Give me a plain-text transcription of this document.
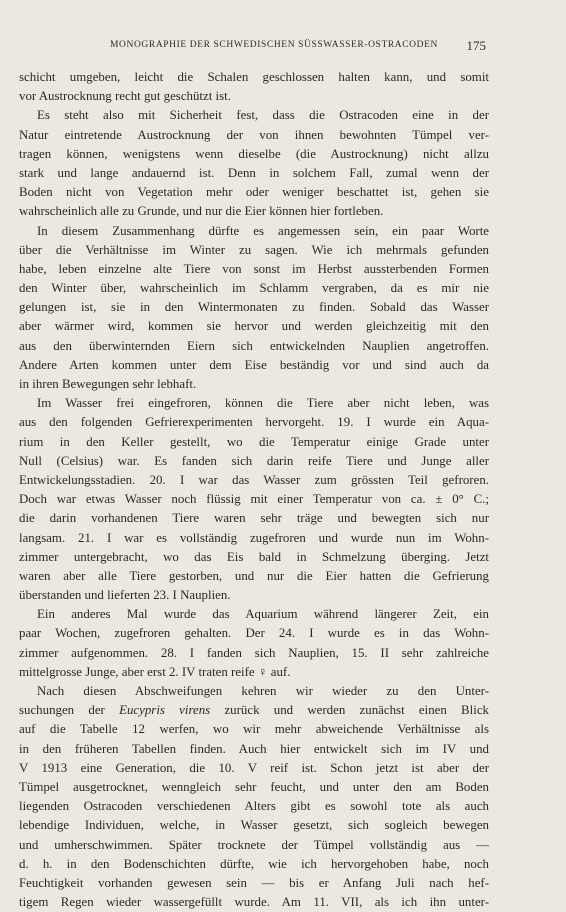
MONOGRAPHIE DER SCHWEDISCHEN SÜSSWASSER-OSTRACODEN 175
schicht umgeben, leicht die Schalen geschlossen halten kann, und somit
vor Austrocknung recht gut geschützt ist.
Es steht also mit Sicherheit fest, dass die Ostracoden eine in der
Natur eintretende Austrocknung der von ihnen bewohnten Tümpel ver-
tragen können, wenigstens wenn dieselbe (die Austrocknung) nicht allzu
stark und lange andauernd ist. Denn in solchem Fall, zumal wenn der
Boden nicht von Vegetation mehr oder weniger beschattet ist, gehen sie
wahrscheinlich alle zu Grunde, und nur die Eier können hier fortleben.
In diesem Zusammenhang dürfte es angemessen sein, ein paar Worte
über die Verhältnisse im Winter zu sagen. Wie ich mehrmals gefunden
habe, leben einzelne alte Tiere von sonst im Herbst aussterbenden Formen
den Winter über, wahrscheinlich im Schlamm vergraben, da es mir nie
gelungen ist, sie in den Wintermonaten zu finden. Sobald das Wasser
aber wärmer wird, kommen sie hervor und werden gleichzeitig mit den
aus den überwinternden Eiern sich entwickelnden Nauplien angetroffen.
Andere Arten kommen unter dem Eise beständig vor und sind auch da
in ihren Bewegungen sehr lebhaft.
Im Wasser frei eingefroren, können die Tiere aber nicht leben, was
aus den folgenden Gefrierexperimenten hervorgeht. 19. I wurde ein Aqua-
rium in den Keller gestellt, wo die Temperatur einige Grade unter
Null (Celsius) war. Es fanden sich darin reife Tiere und Junge aller
Entwickelungsstadien. 20. I war das Wasser zum grössten Teil gefroren.
Doch war etwas Wasser noch flüssig mit einer Temperatur von ca. ± 0° C.;
die darin vorhandenen Tiere waren sehr träge und bewegten sich nur
langsam. 21. I war es vollständig zugefroren und wurde nun im Wohn-
zimmer untergebracht, wo das Eis bald in Schmelzung überging. Jetzt
waren aber alle Tiere gestorben, und nur die Eier hatten die Gefrierung
überstanden und lieferten 23. I Nauplien.
Ein anderes Mal wurde das Aquarium während längerer Zeit, ein
paar Wochen, zugefroren gehalten. Der 24. I wurde es in das Wohn-
zimmer aufgenommen. 28. I fanden sich Nauplien, 15. II sehr zahlreiche
mittelgrosse Junge, aber erst 2. IV traten reife ♀ auf.
Nach diesen Abschweifungen kehren wir wieder zu den Unter-
suchungen der Eucypris virens zurück und werden zunächst einen Blick
auf die Tabelle 12 werfen, wo wir mehr abweichende Verhältnisse als
in den früheren Tabellen finden. Auch hier entwickelt sich im IV und
V 1913 eine Generation, die 10. V reif ist. Schon jetzt ist aber der
Tümpel ausgetrocknet, wenngleich sehr feucht, und unter den am Boden
liegenden Ostracoden verschiedenen Alters gibt es sowohl tote als auch
lebendige Individuen, welche, in Wasser gesetzt, sich sogleich bewegen
und umherschwimmen. Später trocknete der Tümpel vollständig aus —
d. h. in den Bodenschichten dürfte, wie ich hervorgehoben habe, noch
Feuchtigkeit vorhanden gewesen sein — bis er Anfang Juli nach hef-
tigem Regen wieder wassergefüllt wurde. Am 11. VII, als ich ihn unter-
